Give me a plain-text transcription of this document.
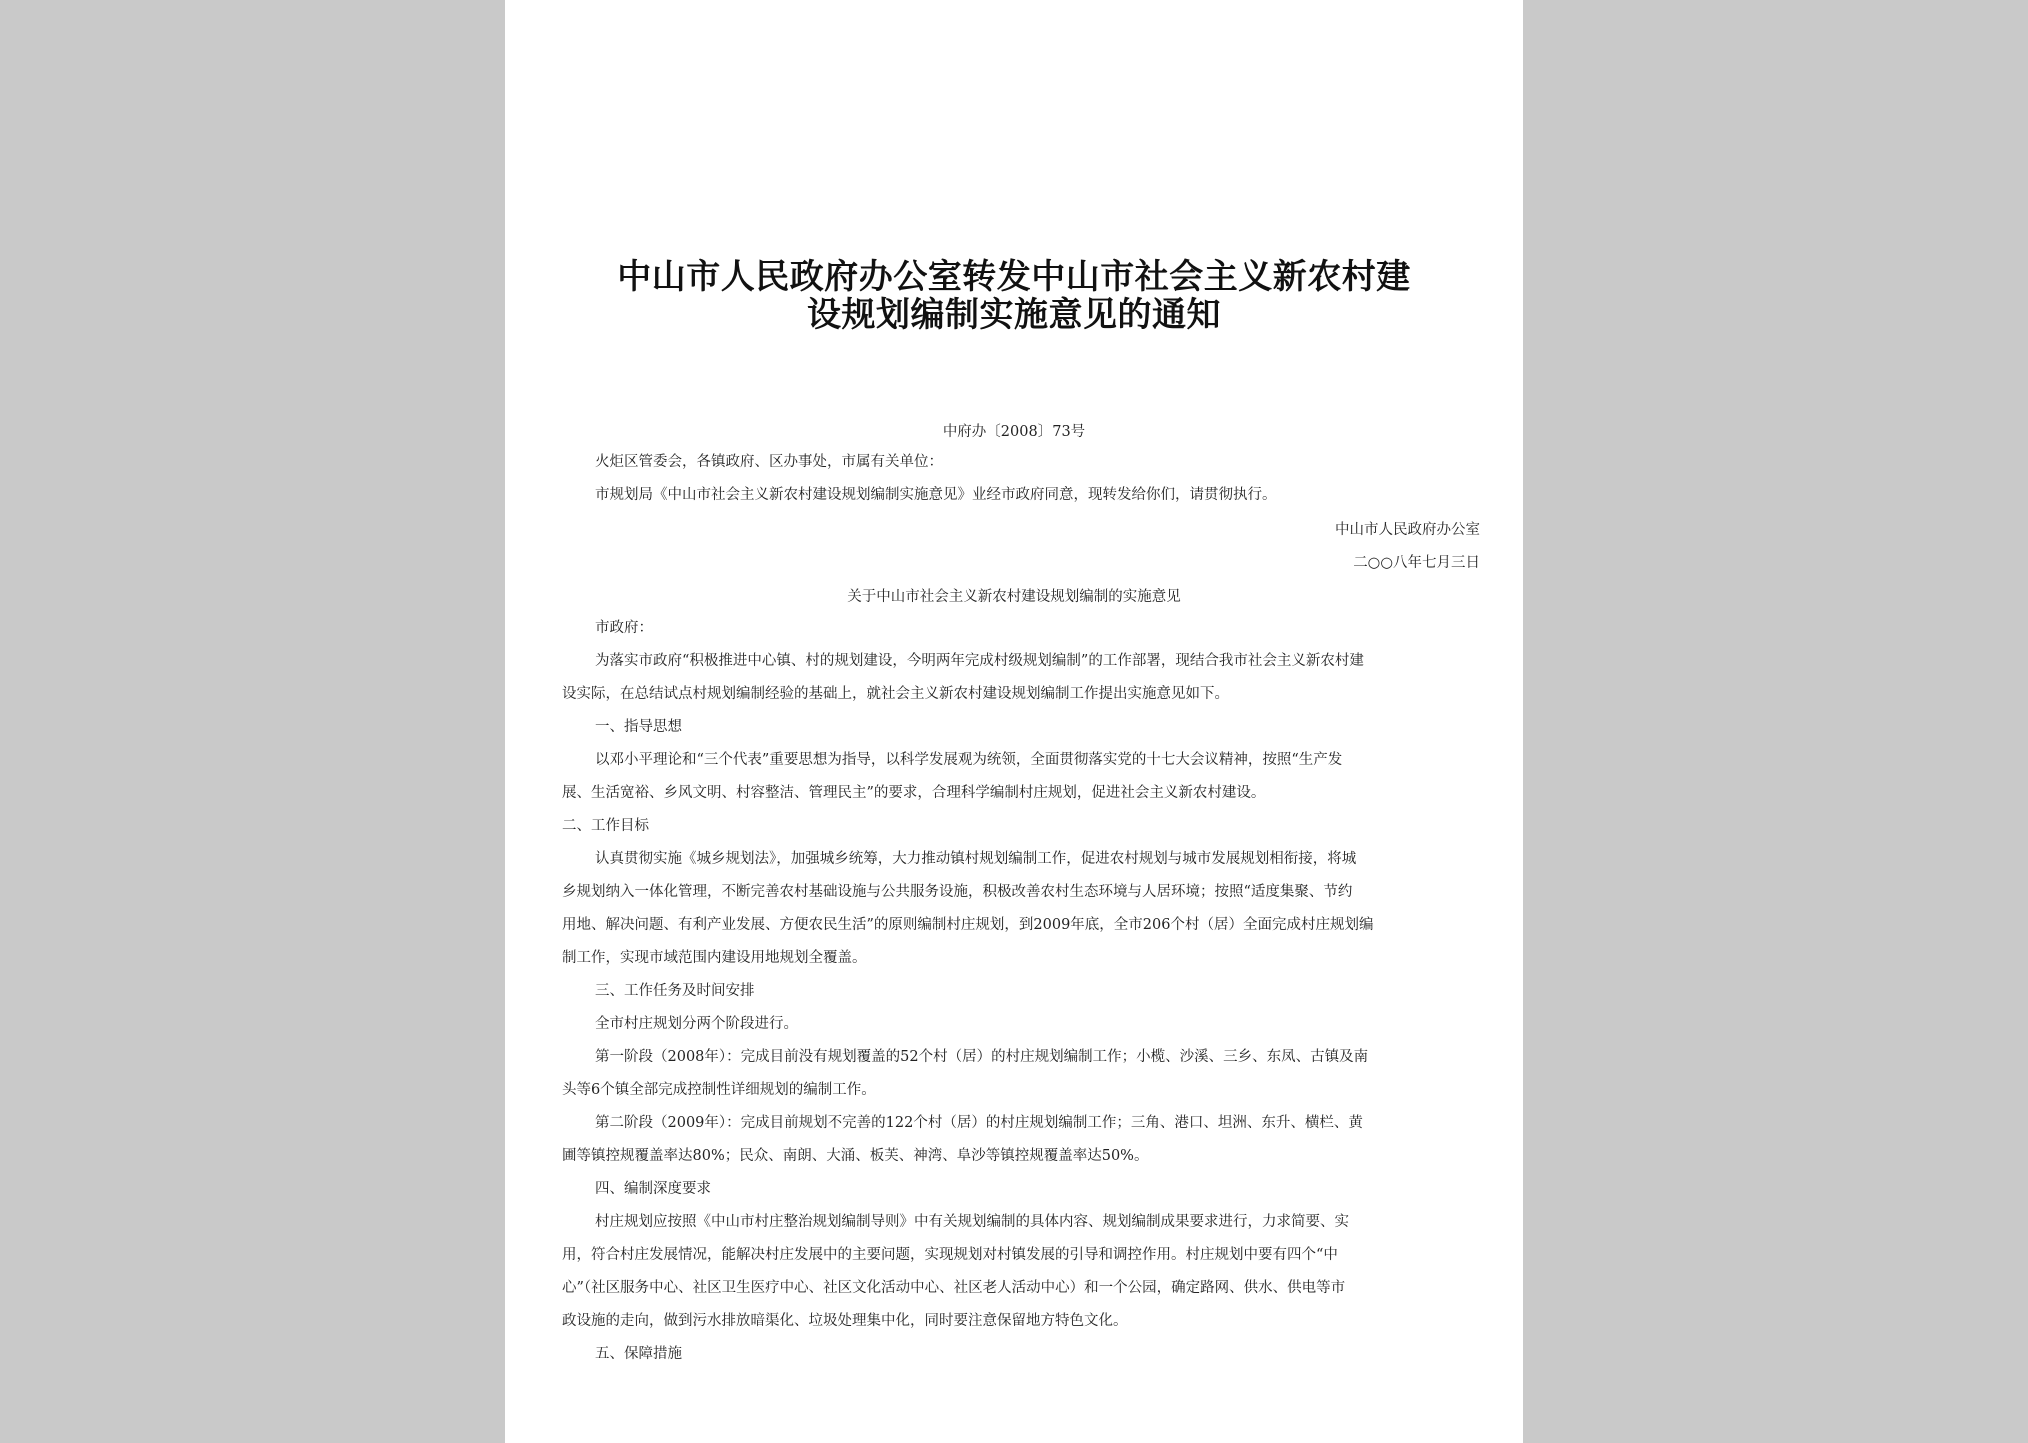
中山市人民政府办公室转发中山市社会主义新农村建
设规划编制实施意见的通知
中府办〔2008〕73号
火炬区管委会，各镇政府、区办事处，市属有关单位：
市规划局《中山市社会主义新农村建设规划编制实施意见》业经市政府同意，现转发给你们，请贯彻执行。
中山市人民政府办公室
二○○八年七月三日
关于中山市社会主义新农村建设规划编制的实施意见
市政府：
为落实市政府“积极推进中心镇、村的规划建设，今明两年完成村级规划编制”的工作部署，现结合我市社会主义新农村建
设实际，在总结试点村规划编制经验的基础上，就社会主义新农村建设规划编制工作提出实施意见如下。
一、指导思想
以邓小平理论和“三个代表”重要思想为指导，以科学发展观为统领，全面贯彻落实党的十七大会议精神，按照“生产发
展、生活宽裕、乡风文明、村容整洁、管理民主”的要求，合理科学编制村庄规划，促进社会主义新农村建设。
二、工作目标
认真贯彻实施《城乡规划法》，加强城乡统筹，大力推动镇村规划编制工作，促进农村规划与城市发展规划相衔接，将城
乡规划纳入一体化管理，不断完善农村基础设施与公共服务设施，积极改善农村生态环境与人居环境；按照“适度集聚、节约
用地、解决问题、有利产业发展、方便农民生活”的原则编制村庄规划，到2009年底，全市206个村（居）全面完成村庄规划编
制工作，实现市域范围内建设用地规划全覆盖。
三、工作任务及时间安排
全市村庄规划分两个阶段进行。
第一阶段（2008年）：完成目前没有规划覆盖的52个村（居）的村庄规划编制工作；小榄、沙溪、三乡、东凤、古镇及南
头等6个镇全部完成控制性详细规划的编制工作。
第二阶段（2009年）：完成目前规划不完善的122个村（居）的村庄规划编制工作；三角、港口、坦洲、东升、横栏、黄
圃等镇控规覆盖率达80%；民众、南朗、大涌、板芙、神湾、阜沙等镇控规覆盖率达50%。
四、编制深度要求
村庄规划应按照《中山市村庄整治规划编制导则》中有关规划编制的具体内容、规划编制成果要求进行，力求简要、实
用，符合村庄发展情况，能解决村庄发展中的主要问题，实现规划对村镇发展的引导和调控作用。村庄规划中要有四个“中
心”（社区服务中心、社区卫生医疗中心、社区文化活动中心、社区老人活动中心）和一个公园，确定路网、供水、供电等市
政设施的走向，做到污水排放暗渠化、垃圾处理集中化，同时要注意保留地方特色文化。
五、保障措施
